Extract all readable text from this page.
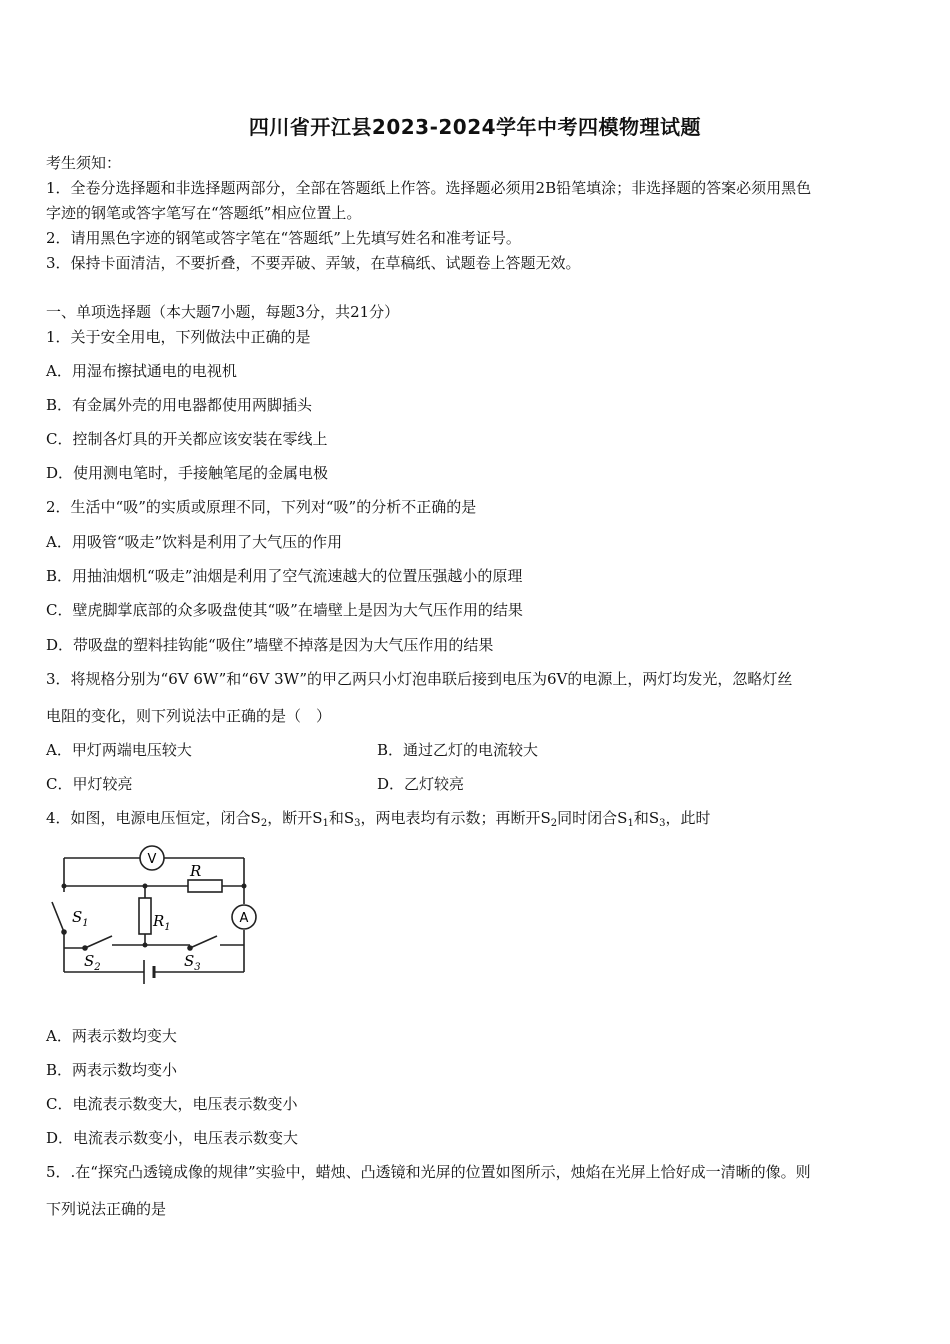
四川省开江县2023-2024学年中考四模物理试题
考生须知：
1．全卷分选择题和非选择题两部分，全部在答题纸上作答。选择题必须用2B铅笔填涂；非选择题的答案必须用黑色
字迹的钢笔或答字笔写在“答题纸”相应位置上。
2．请用黑色字迹的钢笔或答字笔在“答题纸”上先填写姓名和准考证号。
3．保持卡面清洁，不要折叠，不要弄破、弄皱，在草稿纸、试题卷上答题无效。
一、单项选择题（本大题7小题，每题3分，共21分）
1．关于安全用电，下列做法中正确的是
A．用湿布擦拭通电的电视机
B．有金属外壳的用电器都使用两脚插头
C．控制各灯具的开关都应该安装在零线上
D．使用测电笔时，手接触笔尾的金属电极
2．生活中“吸”的实质或原理不同，下列对“吸”的分析不正确的是
A．用吸管“吸走”饮料是利用了大气压的作用
B．用抽油烟机“吸走”油烟是利用了空气流速越大的位置压强越小的原理
C．壁虎脚掌底部的众多吸盘使其“吸”在墙壁上是因为大气压作用的结果
D．带吸盘的塑料挂钩能“吸住”墙壁不掉落是因为大气压作用的结果
3．将规格分别为“6V 6W”和“6V 3W”的甲乙两只小灯泡串联后接到电压为6V的电源上，两灯均发光，忽略灯丝
电阻的变化，则下列说法中正确的是（　）
A．甲灯两端电压较大	B．通过乙灯的电流较大
C．甲灯较亮	D．乙灯较亮
4．如图，电源电压恒定，闭合$S_2$，断开$S_1$和$S_3$，两电表均有示数；再断开$S_2$同时闭合$S_1$和$S_3$，此时
V
A
R
$R_1$
$S_1$
$S_2$	$S_3$
A．两表示数均变大
B．两表示数均变小
C．电流表示数变大，电压表示数变小
D．电流表示数变小，电压表示数变大
5．.在“探究凸透镜成像的规律”实验中，蜡烛、凸透镜和光屏的位置如图所示，烛焰在光屏上恰好成一清晰的像。则
下列说法正确的是
